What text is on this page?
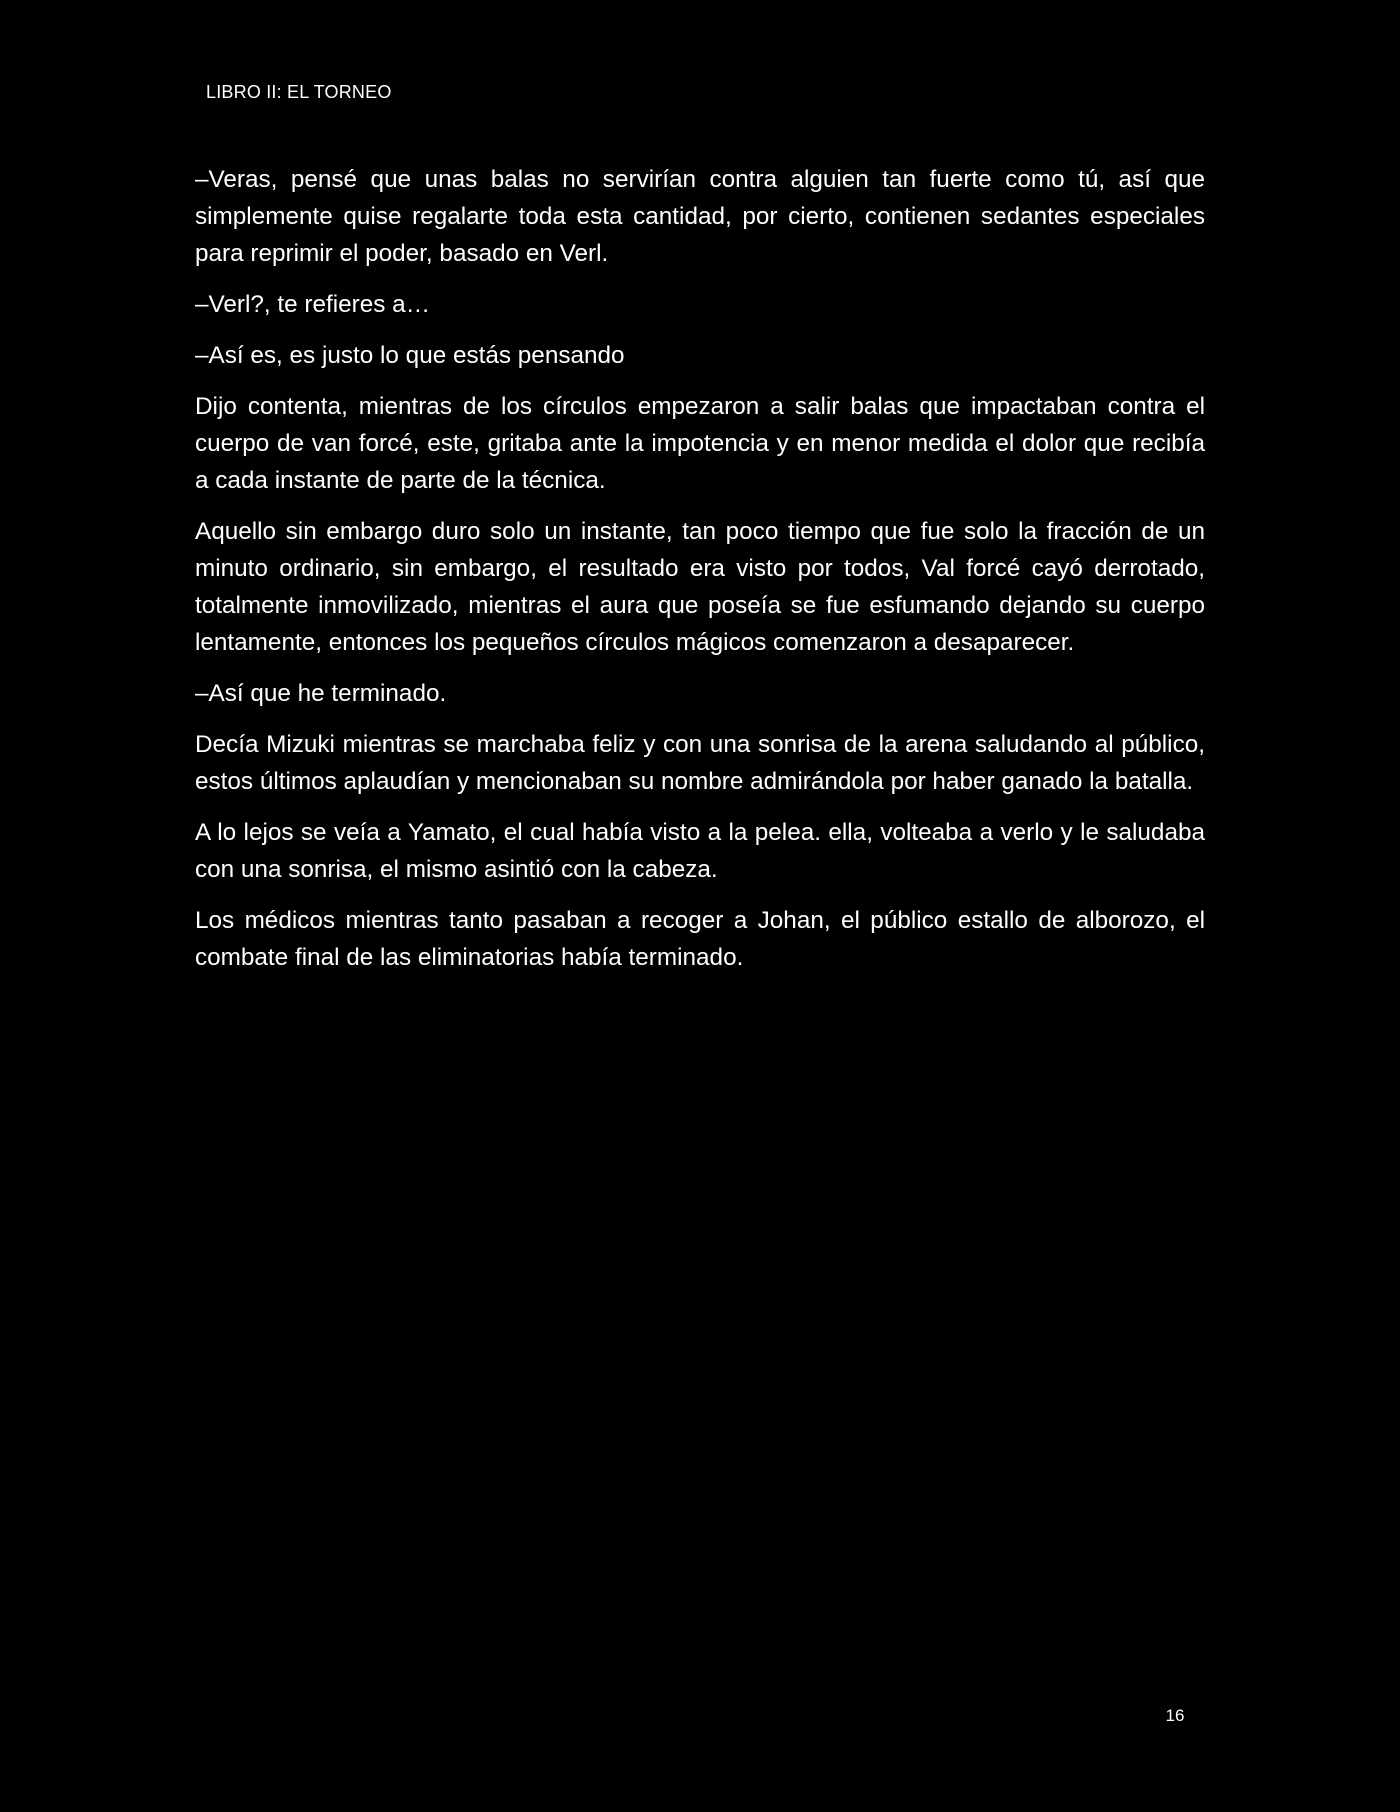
LIBRO II: EL TORNEO

–Veras, pensé que unas balas no servirían contra alguien tan fuerte como tú, así que simplemente quise regalarte toda esta cantidad, por cierto, contienen sedantes especiales para reprimir el poder, basado en Verl.

–Verl?, te refieres a…

–Así es, es justo lo que estás pensando

Dijo contenta, mientras de los círculos empezaron a salir balas que impactaban contra el cuerpo de van forcé, este, gritaba ante la impotencia y en menor medida el dolor que recibía a cada instante de parte de la técnica.

Aquello sin embargo duro solo un instante, tan poco tiempo que fue solo la fracción de un minuto ordinario, sin embargo, el resultado era visto por todos, Val forcé cayó derrotado, totalmente inmovilizado, mientras el aura que poseía se fue esfumando dejando su cuerpo lentamente, entonces los pequeños círculos mágicos comenzaron a desaparecer.

–Así que he terminado.

Decía Mizuki mientras se marchaba feliz y con una sonrisa de la arena saludando al público, estos últimos aplaudían y mencionaban su nombre admirándola por haber ganado la batalla.

A lo lejos se veía a Yamato, el cual había visto a la pelea. ella, volteaba a verlo y le saludaba con una sonrisa, el mismo asintió con la cabeza.

Los médicos mientras tanto pasaban a recoger a Johan, el público estallo de alborozo, el combate final de las eliminatorias había terminado.

16
